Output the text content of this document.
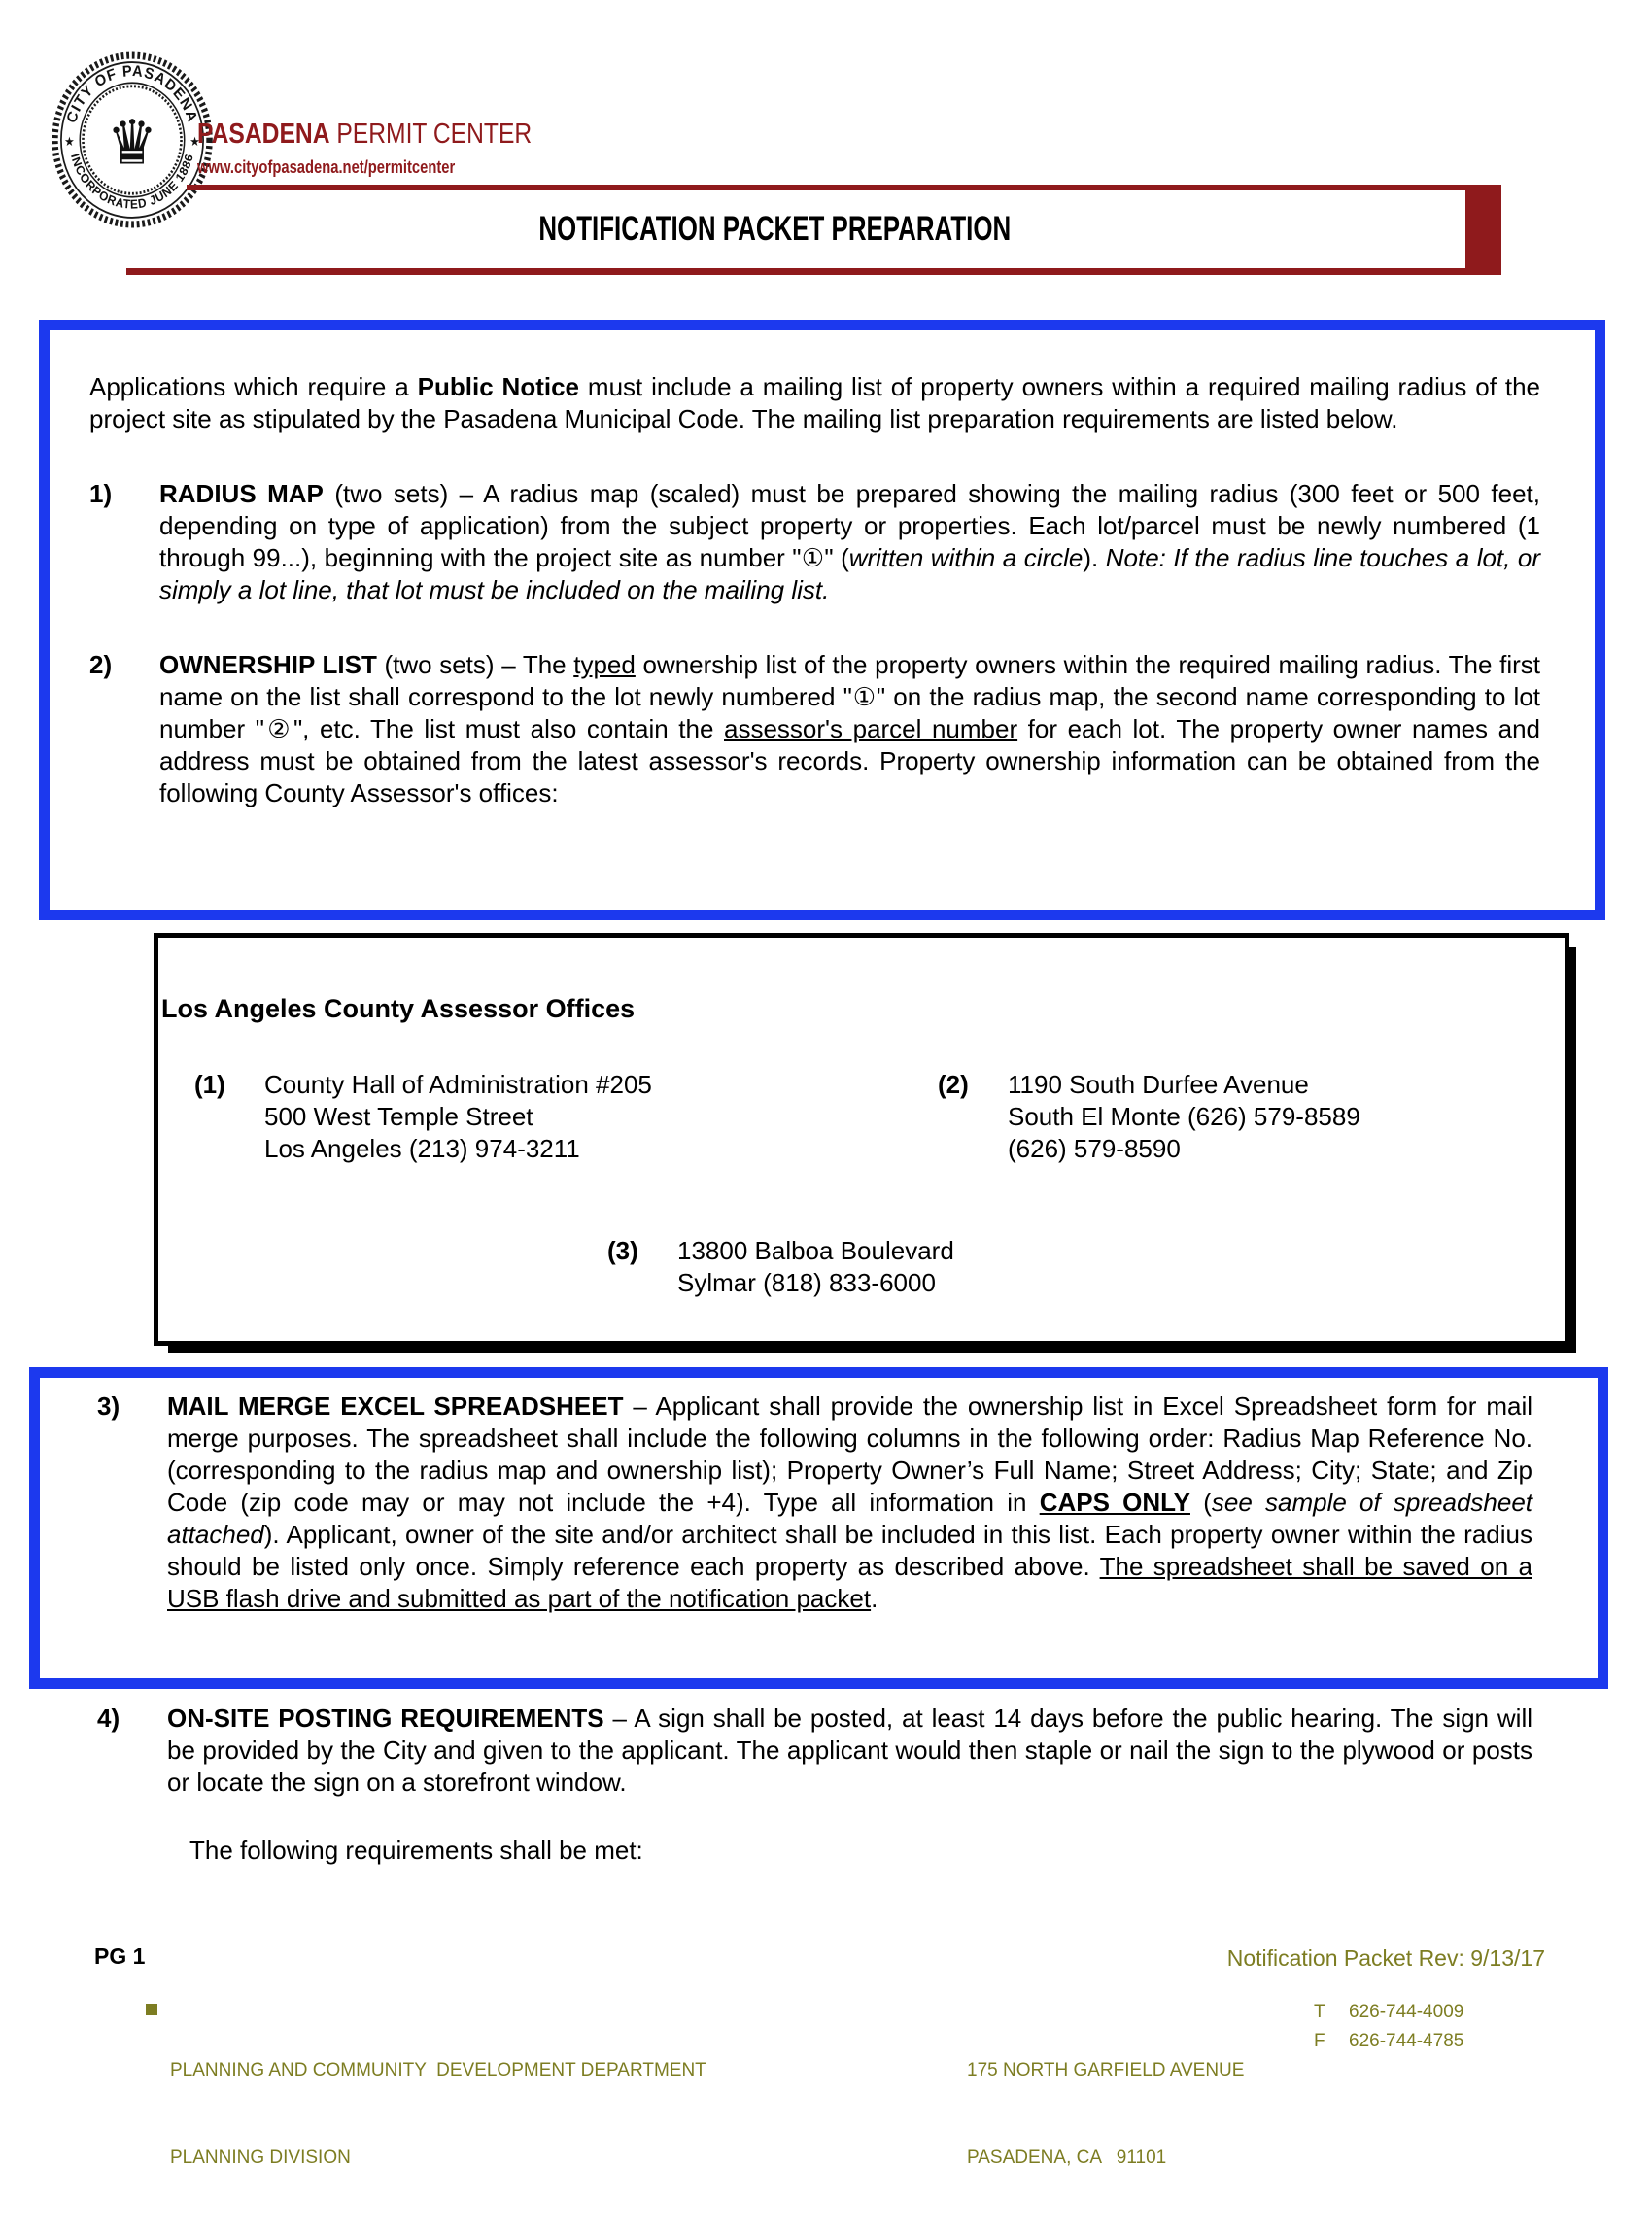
CITY OF PASADENA
INCORPORATED JUNE 1886
★	★
♛ PASADENA PERMIT CENTER
www.cityofpasadena.net/permitcenter
NOTIFICATION PACKET PREPARATION

Applications which require a Public Notice must include a mailing list of property owners within a required mailing radius of the project site as stipulated by the Pasadena Municipal Code. The mailing list preparation requirements are listed below.

1)	RADIUS MAP (two sets) – A radius map (scaled) must be prepared showing the mailing radius (300 feet or 500 feet, depending on type of application) from the subject property or properties. Each lot/parcel must be newly numbered (1 through 99...), beginning with the project site as number "①" (written within a circle). Note: If the radius line touches a lot, or simply a lot line, that lot must be included on the mailing list.
2)	OWNERSHIP LIST (two sets) – The typed ownership list of the property owners within the required mailing radius. The first name on the list shall correspond to the lot newly numbered "①" on the radius map, the second name corresponding to lot number "②", etc. The list must also contain the assessor's parcel number for each lot. The property owner names and address must be obtained from the latest assessor's records. Property ownership information can be obtained from the following County Assessor's offices:
Los Angeles County Assessor Offices
(1)	County Hall of Administration #205
500 West Temple Street
Los Angeles (213) 974-3211
(2)	1190 South Durfee Avenue
South El Monte (626) 579-8589
(626) 579-8590
(3)	13800 Balboa Boulevard
Sylmar (818) 833-6000
3)	MAIL MERGE EXCEL SPREADSHEET – Applicant shall provide the ownership list in Excel Spreadsheet form for mail merge purposes. The spreadsheet shall include the following columns in the following order: Radius Map Reference No. (corresponding to the radius map and ownership list); Property Owner’s Full Name; Street Address; City; State; and Zip Code (zip code may or may not include the +4). Type all information in CAPS ONLY (see sample of spreadsheet attached). Applicant, owner of the site and/or architect shall be included in this list. Each property owner within the radius should be listed only once. Simply reference each property as described above. The spreadsheet shall be saved on a USB flash drive and submitted as part of the notification packet.
4)	ON-SITE POSTING REQUIREMENTS – A sign shall be posted, at least 14 days before the public hearing. The sign will be provided by the City and given to the applicant. The applicant would then staple or nail the sign to the plywood or posts or locate the sign on a storefront window.
The following requirements shall be met:
PG 1	Notification Packet Rev: 9/13/17

PLANNING AND COMMUNITY  DEVELOPMENT DEPARTMENT

PLANNING DIVISION

175 NORTH GARFIELD AVENUE

PASADENA, CA   91101

T	626-744-4009
F	626-744-4785
